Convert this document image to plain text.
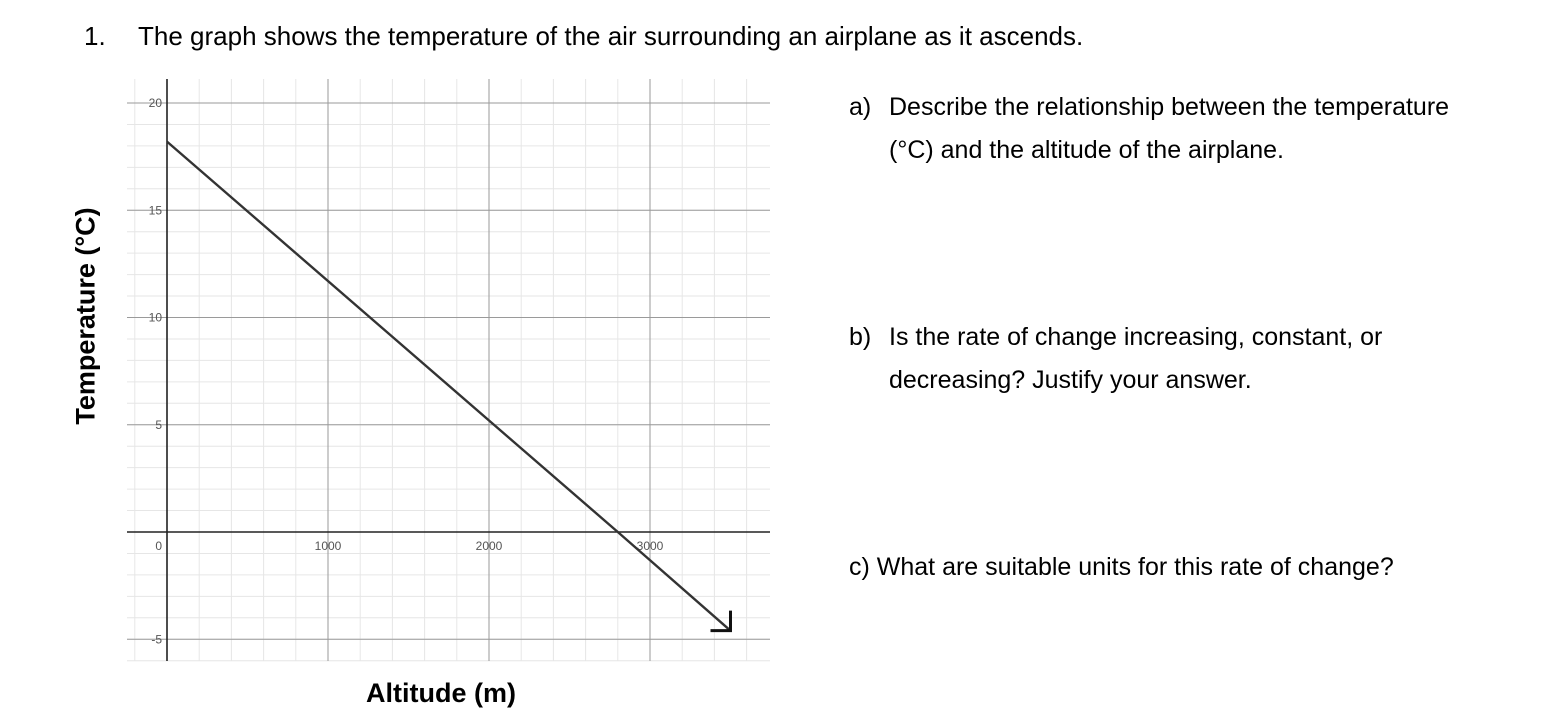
1. The graph shows the temperature of the air surrounding an airplane as it ascends.
Temperature (°C)
Altitude (m)
1000	2000	3000
20
15
10
5
0
-5
a) Describe the relationship between the temperature
(°C) and the altitude of the airplane.
b) Is the rate of change increasing, constant, or
decreasing? Justify your answer.
c) What are suitable units for this rate of change?
